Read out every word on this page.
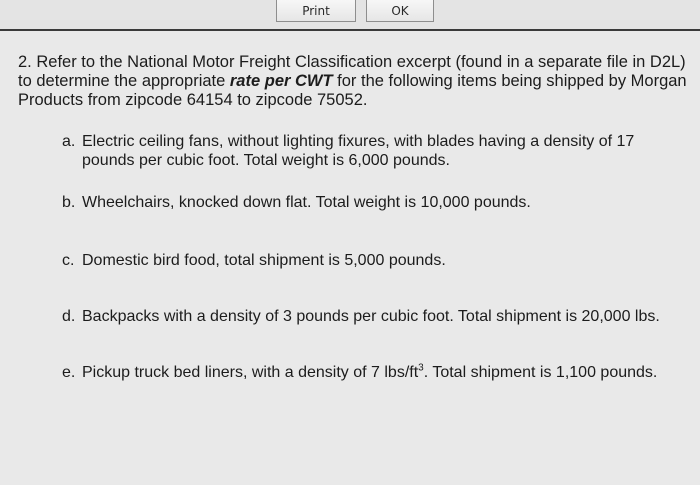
Print	OK
2. Refer to the National Motor Freight Classification excerpt (found in a separate file in D2L) to determine the appropriate rate per CWT for the following items being shipped by Morgan Products from zipcode 64154 to zipcode 75052.
a. Electric ceiling fans, without lighting fixures, with blades having a density of 17 pounds per cubic foot. Total weight is 6,000 pounds.
b. Wheelchairs, knocked down flat. Total weight is 10,000 pounds.
c. Domestic bird food, total shipment is 5,000 pounds.
d. Backpacks with a density of 3 pounds per cubic foot. Total shipment is 20,000 lbs.
e. Pickup truck bed liners, with a density of 7 lbs/$ft^3$. Total shipment is 1,100 pounds.
